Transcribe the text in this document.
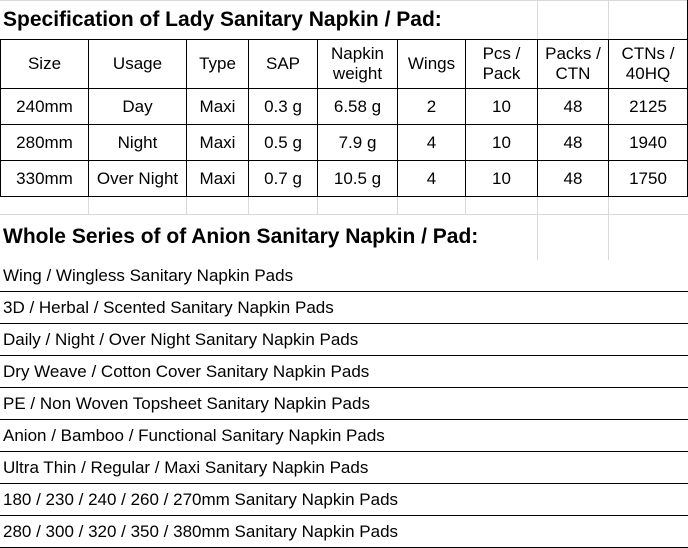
Specification of Lady Sanitary Napkin / Pad:
Size	Usage	Type	SAP	Napkin weight	Wings	Pcs / Pack	Packs / CTN	CTNs / 40HQ
240mm	Day	Maxi	0.3 g	6.58 g	2	10	48	2125
280mm	Night	Maxi	0.5 g	7.9 g	4	10	48	1940
330mm	Over Night	Maxi	0.7 g	10.5 g	4	10	48	1750
Whole Series of of Anion Sanitary Napkin / Pad:
Wing / Wingless Sanitary Napkin Pads
3D / Herbal / Scented Sanitary Napkin Pads
Daily / Night / Over Night Sanitary Napkin Pads
Dry Weave / Cotton Cover Sanitary Napkin Pads
PE / Non Woven Topsheet Sanitary Napkin Pads
Anion / Bamboo / Functional Sanitary Napkin Pads
Ultra Thin / Regular / Maxi Sanitary Napkin Pads
180 / 230 / 240 / 260 / 270mm Sanitary Napkin Pads
280 / 300 / 320 / 350 / 380mm Sanitary Napkin Pads
